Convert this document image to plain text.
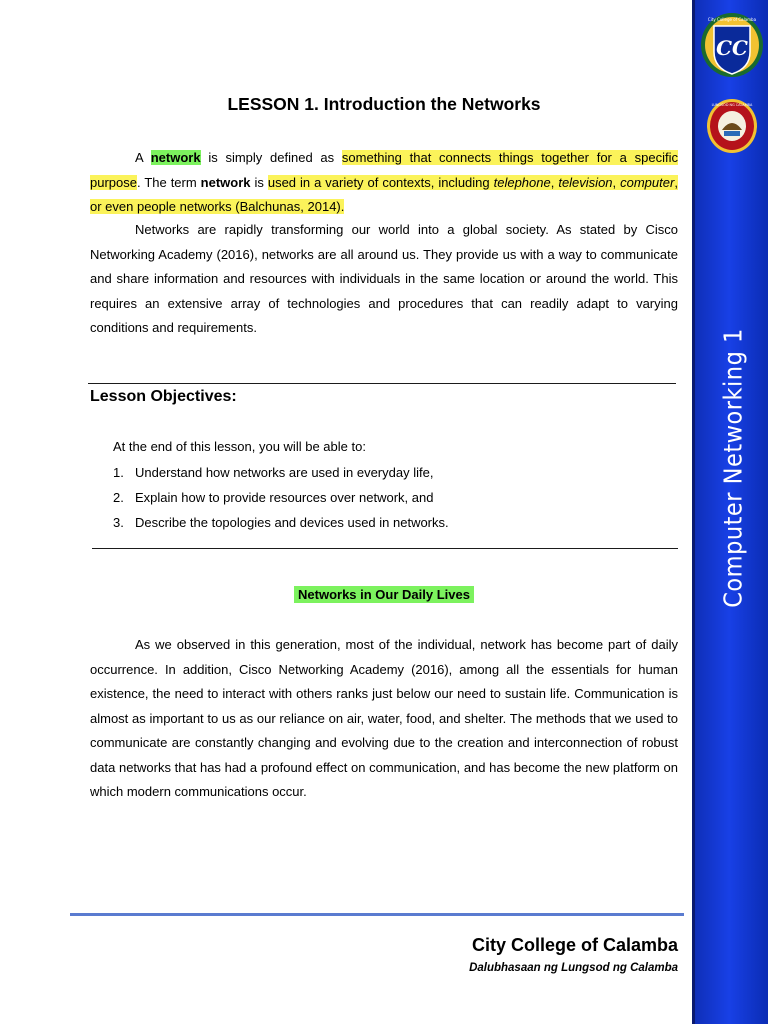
Computer Networking 1
City College of Calamba
CC
LUNGSOD NG CALAMBA
LESSON 1. Introduction the Networks
A network is simply defined as something that connects things together for a specific purpose. The term network is used in a variety of contexts, including telephone, television, computer, or even people networks (Balchunas, 2014).
Networks are rapidly transforming our world into a global society. As stated by Cisco Networking Academy (2016), networks are all around us. They provide us with a way to communicate and share information and resources with individuals in the same location or around the world. This requires an extensive array of technologies and procedures that can readily adapt to varying conditions and requirements.
Lesson Objectives:
At the end of this lesson, you will be able to:
1. Understand how networks are used in everyday life,
2. Explain how to provide resources over network, and
3. Describe the topologies and devices used in networks.
Networks in Our Daily Lives
As we observed in this generation, most of the individual, network has become part of daily occurrence. In addition, Cisco Networking Academy (2016), among all the essentials for human existence, the need to interact with others ranks just below our need to sustain life. Communication is almost as important to us as our reliance on air, water, food, and shelter. The methods that we used to communicate are constantly changing and evolving due to the creation and interconnection of robust data networks that has had a profound effect on communication, and has become the new platform on which modern communications occur.
City College of Calamba
Dalubhasaan ng Lungsod ng Calamba
